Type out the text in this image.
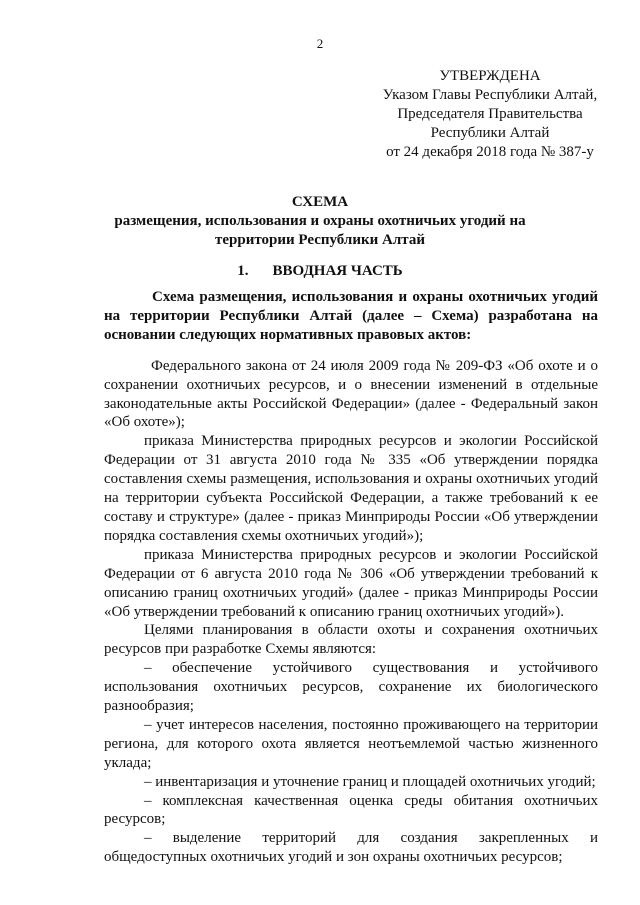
2
УТВЕРЖДЕНА
Указом Главы Республики Алтай,
Председателя Правительства
Республики Алтай
от 24 декабря 2018 года № 387-у
СХЕМА
размещения, использования и охраны охотничьих угодий на
территории Республики Алтай
1. ВВОДНАЯ ЧАСТЬ

Схема размещения, использования и охраны охотничьих угодий на территории Республики Алтай (далее – Схема) разработана на основании следующих нормативных правовых актов:

Федерального закона от 24 июля 2009 года № 209-ФЗ «Об охоте и о сохранении охотничьих ресурсов, и о внесении изменений в отдельные законодательные акты Российской Федерации» (далее - Федеральный закон «Об охоте»);

приказа Министерства природных ресурсов и экологии Российской Федерации от 31 августа 2010 года № 335 «Об утверждении порядка составления схемы размещения, использования и охраны охотничьих угодий на территории субъекта Российской Федерации, а также требований к ее составу и структуре» (далее - приказ Минприроды России «Об утверждении порядка составления схемы охотничьих угодий»);

приказа Министерства природных ресурсов и экологии Российской Федерации от 6 августа 2010 года № 306 «Об утверждении требований к описанию границ охотничьих угодий» (далее - приказ Минприроды России «Об утверждении требований к описанию границ охотничьих угодий»).

Целями планирования в области охоты и сохранения охотничьих ресурсов при разработке Схемы являются:

– обеспечение устойчивого существования и устойчивого использования охотничьих ресурсов, сохранение их биологического разнообразия;

– учет интересов населения, постоянно проживающего на территории региона, для которого охота является неотъемлемой частью жизненного уклада;

– инвентаризация и уточнение границ и площадей охотничьих угодий;

– комплексная качественная оценка среды обитания охотничьих ресурсов;

– выделение территорий для создания закрепленных и общедоступных охотничьих угодий и зон охраны охотничьих ресурсов;
